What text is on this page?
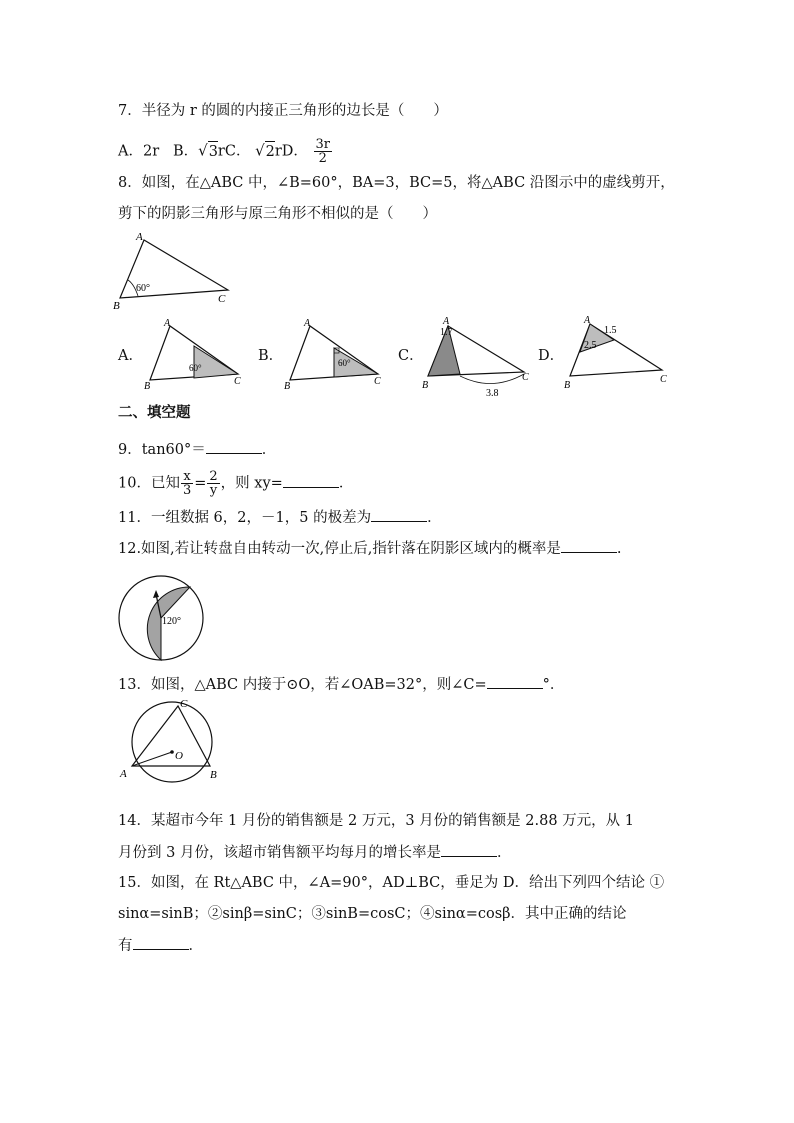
7．半径为 r 的圆的内接正三角形的边长是（　　）
A．2r B．√3rC． √2rD． $\frac{3r}{2}$
8．如图，在△ABC 中，∠B=60°，BA=3，BC=5，将△ABC 沿图示中的虚线剪开，
剪下的阴影三角形与原三角形不相似的是（　　）
A
B
C
60°
A．
A
B	C
60°
B．
A
B	C
60°	C．
A
1.7
B
C
3.8
D．
A
1.5
2.5
B
C
二、填空题
9．tan60°＝	．
10．已知 $\frac{x}{3} = \frac{2}{y}$ ，则 xy=	．
11．一组数据 6，2，－1，5 的极差为	．
12.如图,若让转盘自由转动一次,停止后,指针落在阴影区域内的概率是	.
120°
13．如图，△ABC 内接于⊙O，若∠OAB=32°，则∠C=	°．
C
A	B
O
14．某超市今年 1 月份的销售额是 2 万元，3 月份的销售额是 2.88 万元，从 1
月份到 3 月份，该超市销售额平均每月的增长率是	．
15．如图，在 Rt△ABC 中，∠A=90°，AD⊥BC，垂足为 D．给出下列四个结论 ①
sinα=sinB；②sinβ=sinC；③sinB=cosC；④sinα=cosβ．其中正确的结论
有	．
